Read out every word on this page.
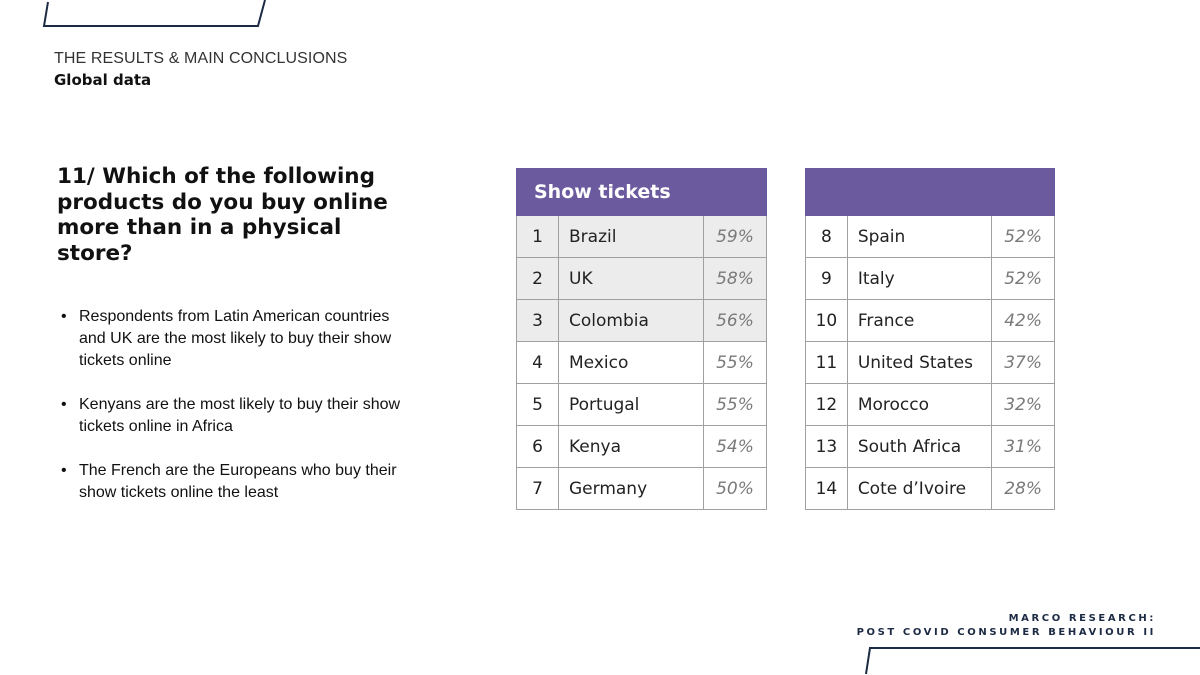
THE RESULTS & MAIN CONCLUSIONS
Global data
11/ Which of the following products do you buy online more than in a physical store?
• Respondents from Latin American countries and UK are the most likely to buy their show tickets online
• Kenyans are the most likely to buy their show tickets online in Africa
• The French are the Europeans who buy their show tickets online the least
Show tickets		
1	Brazil	59%
2	UK	58%
3	Colombia	56%
4	Mexico	55%
5	Portugal	55%
6	Kenya	54%
7	Germany	50%

8	Spain	52%
9	Italy	52%
10	France	42%
11	United States	37%
12	Morocco	32%
13	South Africa	31%
14	Cote d’Ivoire	28%
MARCO RESEARCH:
POST COVID CONSUMER BEHAVIOUR II
